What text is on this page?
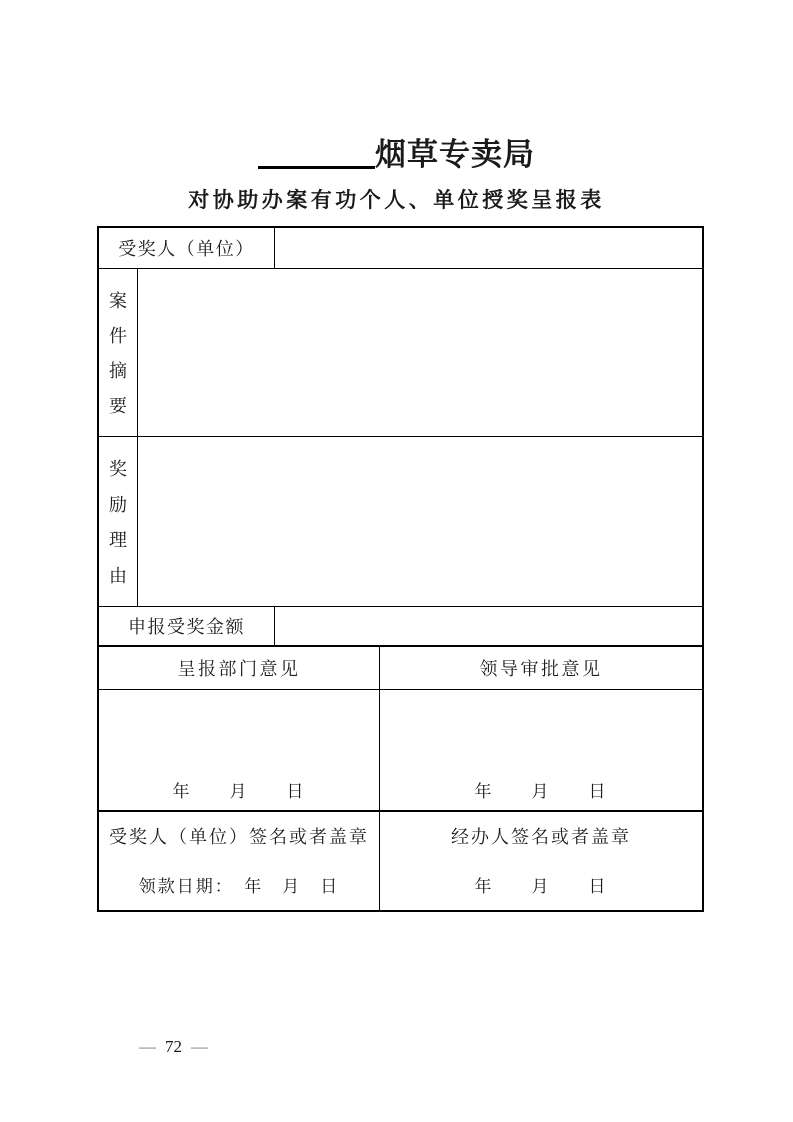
烟草专卖局
对协助办案有功个人、单位授奖呈报表
受奖人（单位）
案
件
摘
要
奖
励
理
由
申报受奖金额
呈报部门意见	领导审批意见
年　　月　　日	年　　月　　日
受奖人（单位）签名或者盖章
领款日期：　年　月　日
经办人签名或者盖章
年　　月　　日
— 72 —
